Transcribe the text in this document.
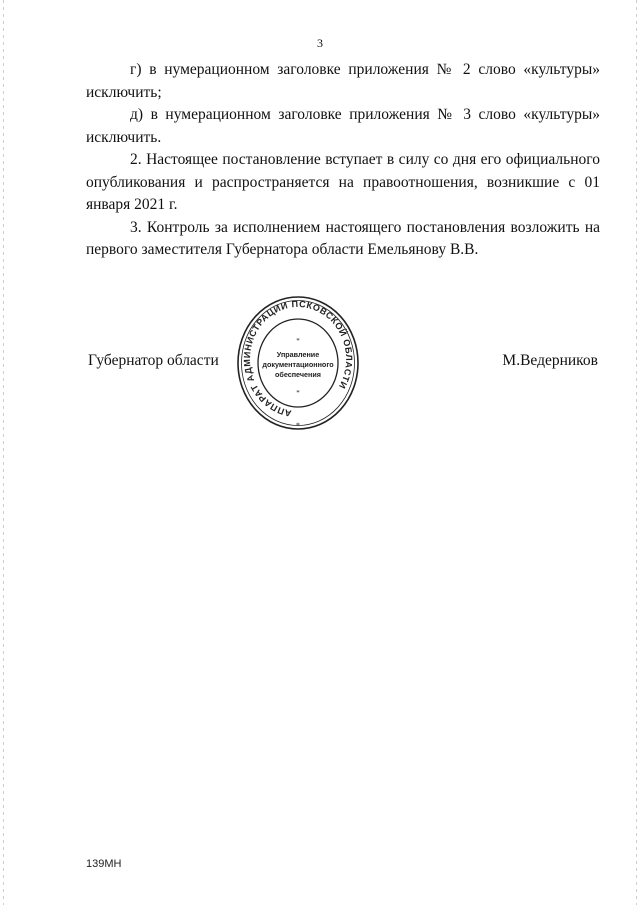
3

г) в нумерационном заголовке приложения № 2 слово «культуры» исключить;

д) в нумерационном заголовке приложения № 3 слово «культуры» исключить.

2. Настоящее постановление вступает в силу со дня его официального опубликования и распространяется на правоотношения, возникшие с 01 января 2021 г.

3. Контроль за исполнением настоящего постановления возложить на первого заместителя Губернатора области Емельянову В.В.

Губернатор области	М.Ведерников
АППАРАТ АДМИНИСТРАЦИИ ПСКОВСКОЙ ОБЛАСТИ
Управление
документационного
обеспечения
*
*
*
139МН
